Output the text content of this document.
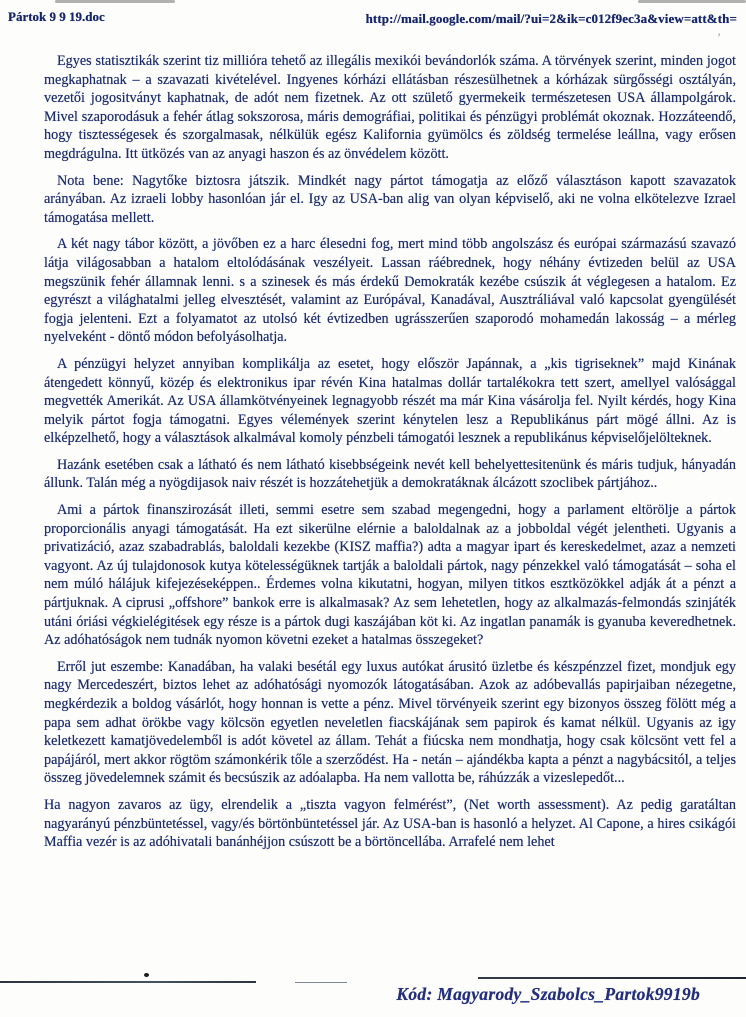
Pártok 9 9 19.doc	http://mail.google.com/mail/?ui=2&ik=c012f9ec3a&view=att&th=
’

Egyes statisztikák szerint tiz millióra tehető az illegális mexikói bevándorlók száma. A törvények szerint, minden jogot megkaphatnak – a szavazati kivételével. Ingyenes kórházi ellátásban részesülhetnek a kórházak sürgősségi osztályán, vezetői jogositványt kaphatnak, de adót nem fizetnek. Az ott születő gyermekeik természetesen USA állampolgárok. Mivel szaporodásuk a fehér átlag sokszorosa, máris demográfiai, politikai és pénzügyi problémát okoznak. Hozzáteendő, hogy tisztességesek és szorgalmasak, nélkülük egész Kalifornia gyümölcs és zöldség termelése leállna, vagy erősen megdrágulna. Itt ütközés van az anyagi haszon és az önvédelem között.

Nota bene: Nagytőke biztosra játszik. Mindkét nagy pártot támogatja az előző választáson kapott szavazatok arányában. Az izraeli lobby hasonlóan jár el. Igy az USA-ban alig van olyan képviselő, aki ne volna elkötelezve Izrael támogatása mellett.

A két nagy tábor között, a jövőben ez a harc élesedni fog, mert mind több angolszász és európai származású szavazó látja világosabban a hatalom eltolódásának veszélyeit. Lassan ráébrednek, hogy néhány évtizeden belül az USA megszünik fehér államnak lenni. s a szinesek és más érdekű Demokraták kezébe csúszik át véglegesen a hatalom. Ez egyrészt a világhatalmi jelleg elvesztését, valamint az Európával, Kanadával, Ausztráliával való kapcsolat gyengülését fogja jelenteni. Ezt a folyamatot az utolsó két évtizedben ugrásszerűen szaporodó mohamedán lakosság – a mérleg nyelveként - döntő módon befolyásolhatja.

A pénzügyi helyzet annyiban komplikálja az esetet, hogy először Japánnak, a „kis tigriseknek” majd Kinának átengedett könnyű, közép és elektronikus ipar révén Kina hatalmas dollár tartalékokra tett szert, amellyel valósággal megvették Amerikát. Az USA államkötvényeinek legnagyobb részét ma már Kina vásárolja fel. Nyilt kérdés, hogy Kina melyik pártot fogja támogatni. Egyes vélemények szerint kénytelen lesz a Republikánus párt mögé állni. Az is elképzelhető, hogy a választások alkalmával komoly pénzbeli támogatói lesznek a republikánus képviselőjelölteknek.

Hazánk esetében csak a látható és nem látható kisebbségeink nevét kell behelyettesitenünk és máris tudjuk, hányadán állunk. Talán még a nyögdijasok naiv részét is hozzátehetjük a demokratáknak álcázott szoclibek pártjához..

Ami a pártok finanszirozását illeti, semmi esetre sem szabad megengedni, hogy a parlament eltörölje a pártok proporcionális anyagi támogatását. Ha ezt sikerülne elérnie a baloldalnak az a jobboldal végét jelentheti. Ugyanis a privatizáció, azaz szabadrablás, baloldali kezekbe (KISZ maffia?) adta a magyar ipart és kereskedelmet, azaz a nemzeti vagyont. Az új tulajdonosok kutya kötelességüknek tartják a baloldali pártok, nagy pénzekkel való támogatását – soha el nem múló hálájuk kifejezéseképpen.. Érdemes volna kikutatni, hogyan, milyen titkos esztközökkel adják át a pénzt a pártjuknak. A ciprusi „offshore” bankok erre is alkalmasak? Az sem lehetetlen, hogy az alkalmazás-felmondás szinjáték utáni óriási végkielégitések egy része is a pártok dugi kaszájában köt ki. Az ingatlan panamák is gyanuba keveredhetnek. Az adóhatóságok nem tudnák nyomon követni ezeket a hatalmas összegeket?

Erről jut eszembe: Kanadában, ha valaki besétál egy luxus autókat árusitó üzletbe és készpénzzel fizet, mondjuk egy nagy Mercedeszért, biztos lehet az adóhatósági nyomozók látogatásában. Azok az adóbevallás papirjaiban nézegetne, megkérdezik a boldog vásárlót, hogy honnan is vette a pénz. Mivel törvényeik szerint egy bizonyos összeg fölött még a papa sem adhat örökbe vagy kölcsön egyetlen neveletlen fiacskájának sem papirok és kamat nélkül. Ugyanis az igy keletkezett kamatjövedelemből is adót követel az állam. Tehát a fiúcska nem mondhatja, hogy csak kölcsönt vett fel a papájáról, mert akkor rögtöm számonkérik tőle a szerződést. Ha - netán – ajándékba kapta a pénzt a nagybácsitól, a teljes összeg jövedelemnek számit és becsúszik az adóalapba. Ha nem vallotta be, ráhúzzák a vizeslepedőt...

Ha nagyon zavaros az ügy, elrendelik a „tiszta vagyon felmérést”, (Net worth assessment). Az pedig garatáltan nagyarányú pénzbüntetéssel, vagy/és börtönbüntetéssel jár. Az USA-ban is hasonló a helyzet. Al Capone, a hires csikágói Maffia vezér is az adóhivatali banánhéjjon csúszott be a börtöncellába. Arrafelé nem lehet

Kód: Magyarody_Szabolcs_Partok9919b
